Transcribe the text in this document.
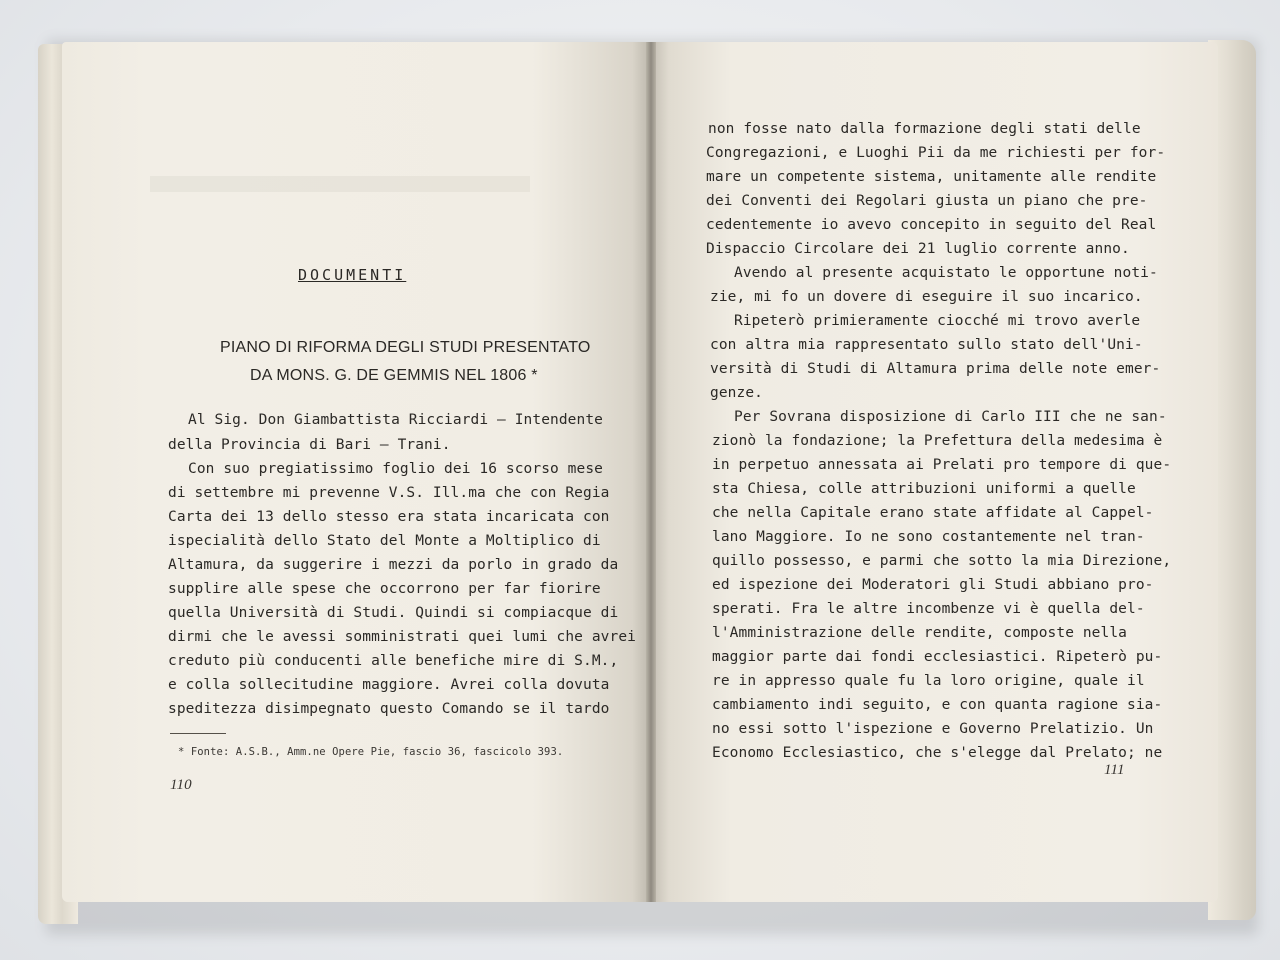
DOCUMENTI

PIANO DI RIFORMA DEGLI STUDI PRESENTATO

DA MONS. G. DE GEMMIS NEL 1806 *

Al Sig. Don Giambattista Ricciardi – Intendente

della Provincia di Bari – Trani.

Con suo pregiatissimo foglio dei 16 scorso mese

di settembre mi prevenne V.S. Ill.ma che con Regia

Carta dei 13 dello stesso era stata incaricata con

ispecialità dello Stato del Monte a Moltiplico di

Altamura, da suggerire i mezzi da porlo in grado da

supplire alle spese che occorrono per far fiorire

quella Università di Studi. Quindi si compiacque di

dirmi che le avessi somministrati quei lumi che avrei

creduto più conducenti alle benefiche mire di S.M.,

e colla sollecitudine maggiore. Avrei colla dovuta

speditezza disimpegnato questo Comando se il tardo

* Fonte: A.S.B., Amm.ne Opere Pie, fascio 36, fascicolo 393.

110

non fosse nato dalla formazione degli stati delle

Congregazioni, e Luoghi Pii da me richiesti per for-

mare un competente sistema, unitamente alle rendite

dei Conventi dei Regolari giusta un piano che pre-

cedentemente io avevo concepito in seguito del Real

Dispaccio Circolare dei 21 luglio corrente anno.

Avendo al presente acquistato le opportune noti-

zie, mi fo un dovere di eseguire il suo incarico.

Ripeterò primieramente ciocché mi trovo averle

con altra mia rappresentato sullo stato dell'Uni-

versità di Studi di Altamura prima delle note emer-

genze.

Per Sovrana disposizione di Carlo III che ne san-

zionò la fondazione; la Prefettura della medesima è

in perpetuo annessata ai Prelati pro tempore di que-

sta Chiesa, colle attribuzioni uniformi a quelle

che nella Capitale erano state affidate al Cappel-

lano Maggiore. Io ne sono costantemente nel tran-

quillo possesso, e parmi che sotto la mia Direzione,

ed ispezione dei Moderatori gli Studi abbiano pro-

sperati. Fra le altre incombenze vi è quella del-

l'Amministrazione delle rendite, composte nella

maggior parte dai fondi ecclesiastici. Ripeterò pu-

re in appresso quale fu la loro origine, quale il

cambiamento indi seguito, e con quanta ragione sia-

no essi sotto l'ispezione e Governo Prelatizio. Un

Economo Ecclesiastico, che s'elegge dal Prelato; ne

111
